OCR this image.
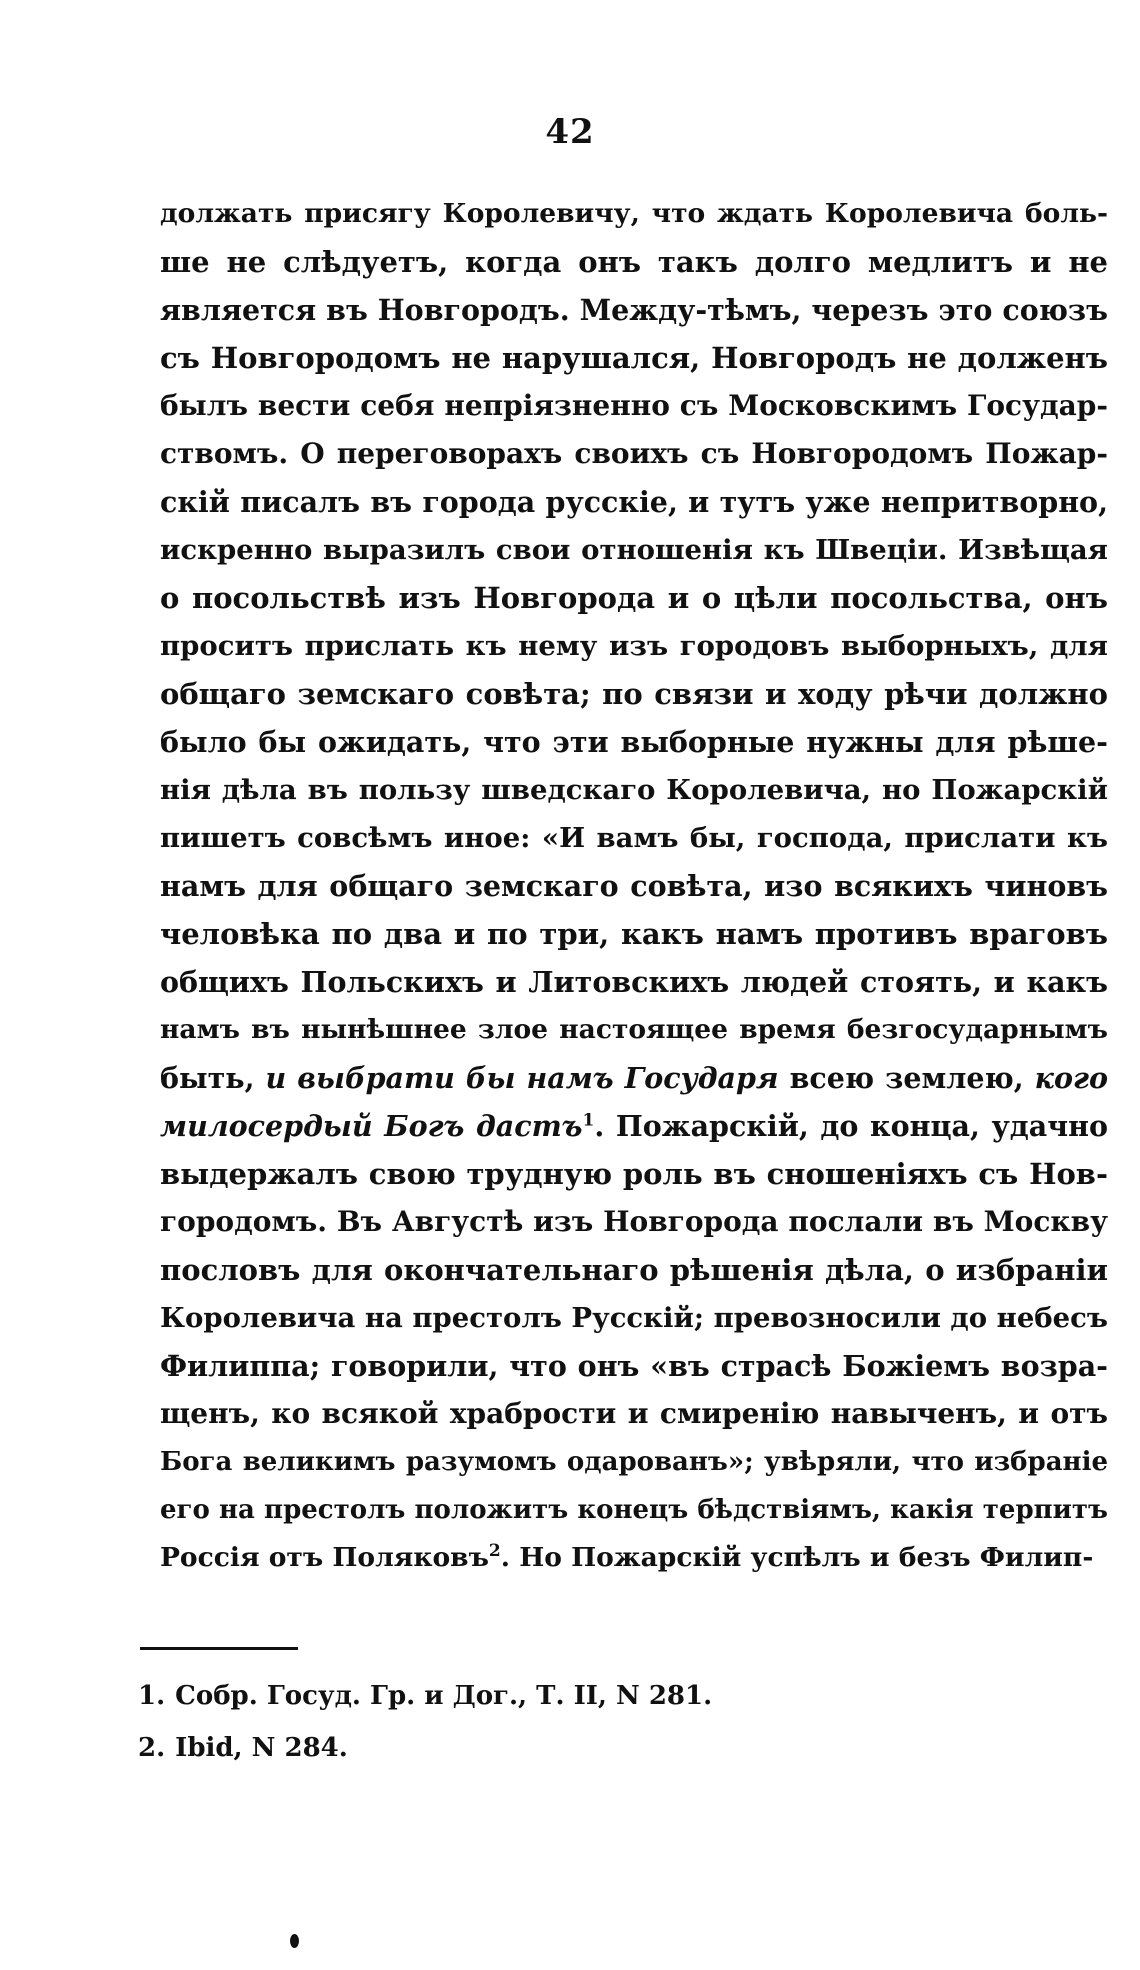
42
должать присягу Королевичу, что ждать Королевича боль-
ше не слѣдуетъ, когда онъ такъ долго медлитъ и не
является въ Новгородъ. Между-тѣмъ, черезъ это союзъ
съ Новгородомъ не нарушался, Новгородъ не долженъ
былъ вести себя непріязненно съ Московскимъ Государ-
ствомъ. О переговорахъ своихъ съ Новгородомъ Пожар-
скій писалъ въ города русскіе, и тутъ уже непритворно,
искренно выразилъ свои отношенія къ Швеціи. Извѣщая
о посольствѣ изъ Новгорода и о цѣли посольства, онъ
проситъ прислать къ нему изъ городовъ выборныхъ, для
общаго земскаго совѣта; по связи и ходу рѣчи должно
было бы ожидать, что эти выборные нужны для рѣше-
нія дѣла въ пользу шведскаго Королевича, но Пожарскій
пишетъ совсѣмъ иное: «И вамъ бы, господа, прислати къ
намъ для общаго земскаго совѣта, изо всякихъ чиновъ
человѣка по два и по три, какъ намъ противъ враговъ
общихъ Польскихъ и Литовскихъ людей стоять, и какъ
намъ въ нынѣшнее злое настоящее время безгосударнымъ
быть, и выбрати бы намъ Государя всею землею, кого
милосердый Богъ дастъ$^1$. Пожарскій, до конца, удачно
выдержалъ свою трудную роль въ сношеніяхъ съ Нов-
городомъ. Въ Августѣ изъ Новгорода послали въ Москву
пословъ для окончательнаго рѣшенія дѣла, о избраніи
Королевича на престолъ Русскій; превозносили до небесъ
Филиппа; говорили, что онъ «въ страсѣ Божіемъ возра-
щенъ, ко всякой храбрости и смиренію навыченъ, и отъ
Бога великимъ разумомъ одарованъ»; увѣряли, что избраніе
его на престолъ положитъ конецъ бѣдствіямъ, какія терпитъ
Россія отъ Поляковъ$^2$. Но Пожарскій успѣлъ и безъ Филип-
1. Собр. Госуд. Гр. и Дог., Т. II, N 281.
2. Ibid, N 284.
